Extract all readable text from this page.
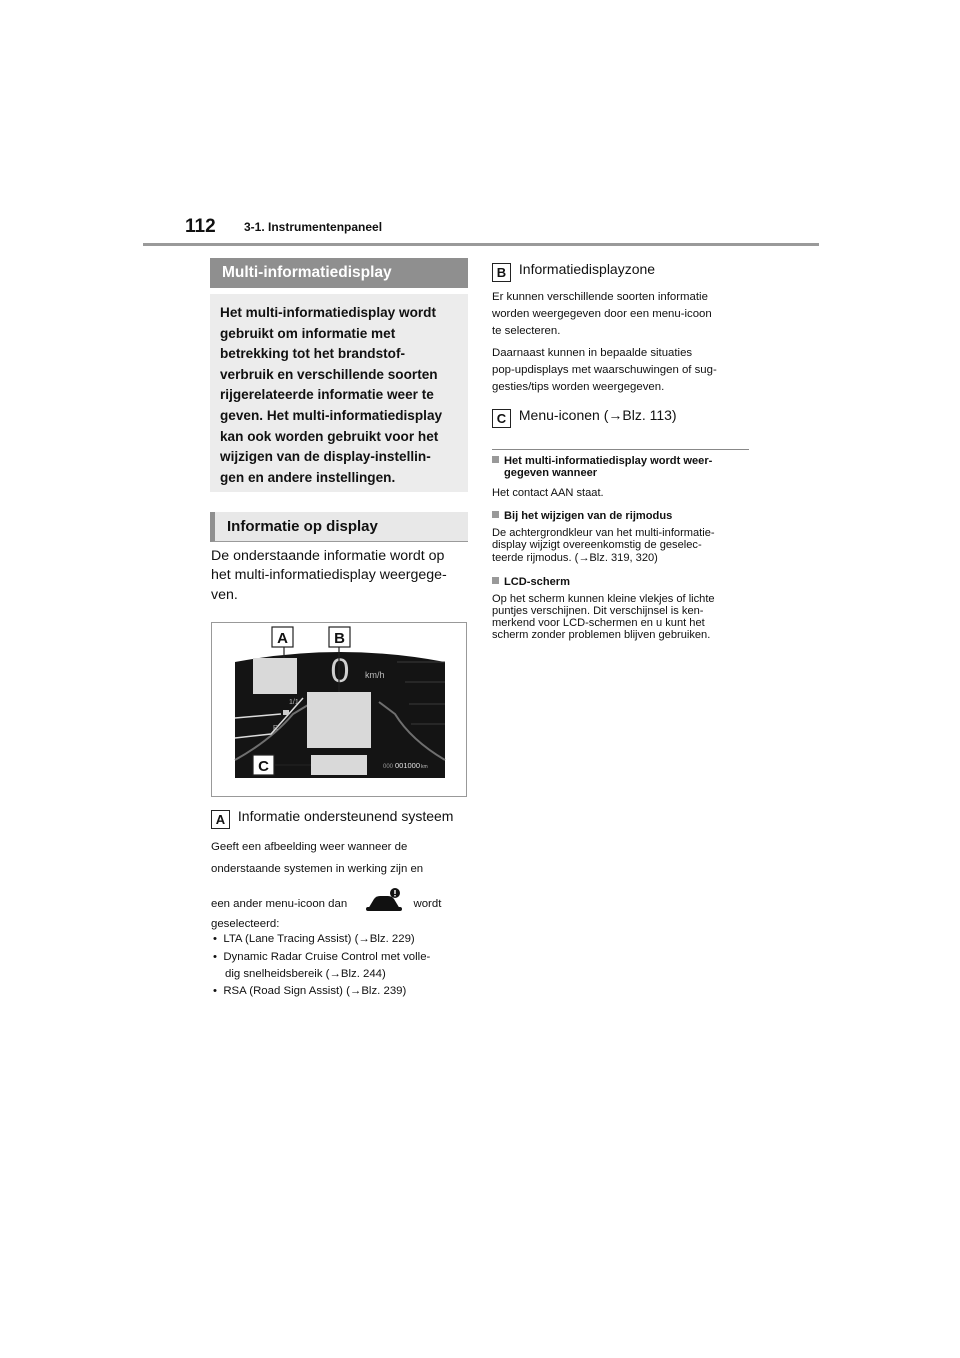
112 3-1. Instrumentenpaneel
Multi-informatiedisplay
Het multi-informatiedisplay wordt
gebruikt om informatie met
betrekking tot het brandstof-
verbruik en verschillende soorten
rijgerelateerde informatie weer te
geven. Het multi-informatiedisplay
kan ook worden gebruikt voor het
wijzigen van de display-instellin-
gen en andere instellingen.
Informatie op display
De onderstaande informatie wordt op
het multi-informatiedisplay weergege-
ven.
0 km/h
1/1
R
000 001000 km
A	B
C
A Informatie ondersteunend systeem
Geeft een afbeelding weer wanneer de
onderstaande systemen in werking zijn en
een ander menu-icoon dan	wordt
geselecteerd:
•  LTA (Lane Tracing Assist) (→Blz. 229)
•  Dynamic Radar Cruise Control met volle-
dig snelheidsbereik (→Blz. 244)
•  RSA (Road Sign Assist) (→Blz. 239)
B Informatiedisplayzone
Er kunnen verschillende soorten informatie
worden weergegeven door een menu-icoon
te selecteren.
Daarnaast kunnen in bepaalde situaties
pop-updisplays met waarschuwingen of sug-
gesties/tips worden weergegeven.
C Menu-iconen (→Blz. 113)
Het multi-informatiedisplay wordt weer-
gegeven wanneer
Het contact AAN staat.
Bij het wijzigen van de rijmodus
De achtergrondkleur van het multi-informatie-
display wijzigt overeenkomstig de geselec-
teerde rijmodus. (→Blz. 319, 320)
LCD-scherm
Op het scherm kunnen kleine vlekjes of lichte
puntjes verschijnen. Dit verschijnsel is ken-
merkend voor LCD-schermen en u kunt het
scherm zonder problemen blijven gebruiken.
